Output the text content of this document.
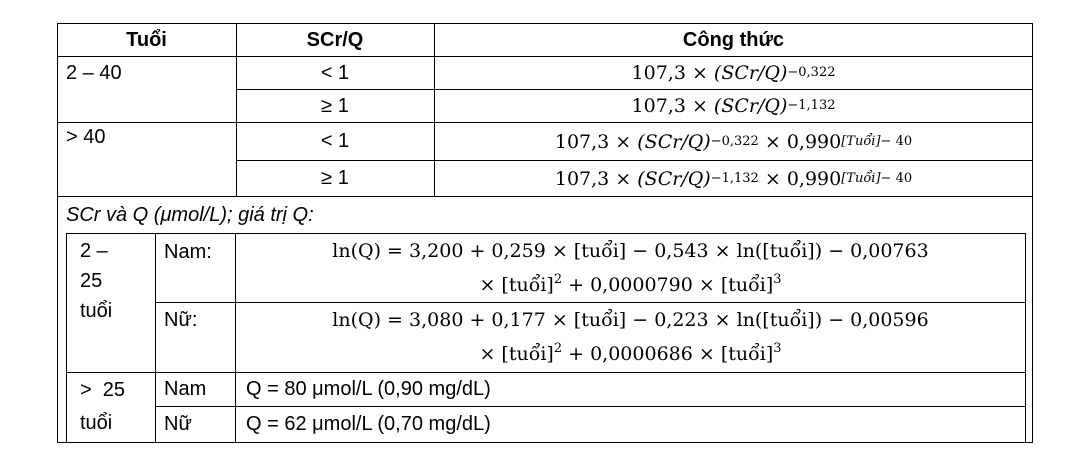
Tuổi	SCr/Q	Công thức
2 – 40	< 1	107,3 ×
(SCr/Q) −0,322
≥ 1	107,3 ×
(SCr/Q) −1,132
> 40	< 1	107,3 ×
(SCr/Q) −0,322
× 0,990 [Tuổi]− 40
≥ 1	107,3 ×
(SCr/Q) −1,132
× 0,990 [Tuổi]− 40
SCr và Q (μmol/L); giá trị Q:
2 –
25
tuổi
Nam:	ln(Q) = 3,200 + 0,259 × [tuổi] − 0,543 × ln([tuổi]) − 0,00763
× [tuổi]$^2$ + 0,0000790 × [tuổi]$^3$
Nữ:	ln(Q) = 3,080 + 0,177 × [tuổi] − 0,223 × ln([tuổi]) − 0,00596
× [tuổi]$^2$ + 0,0000686 × [tuổi]$^3$
>  25
tuổi
Nam	Q = 80 μmol/L (0,90 mg/dL)
Nữ	Q = 62 μmol/L (0,70 mg/dL)
